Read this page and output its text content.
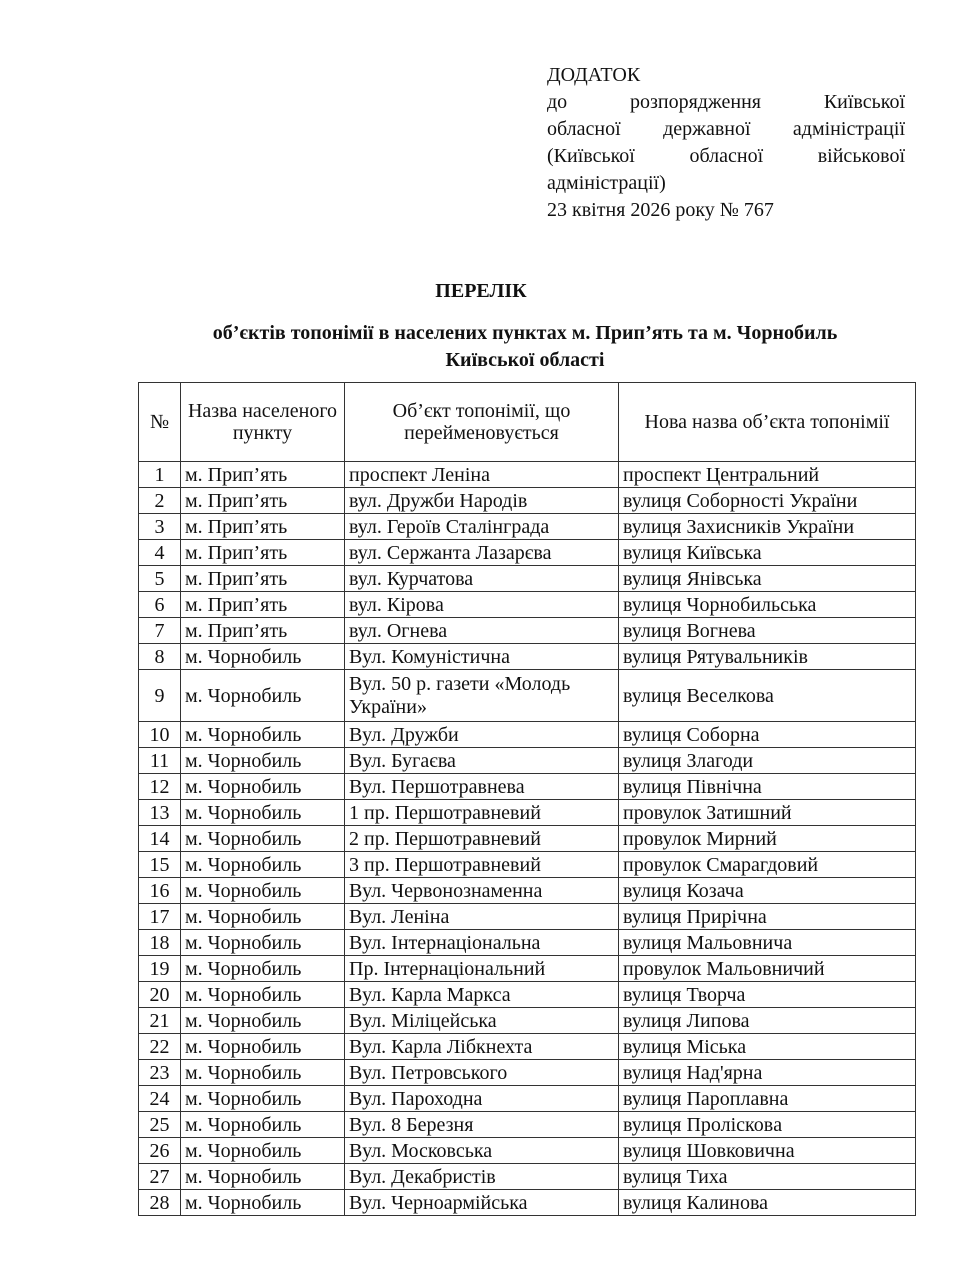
ДОДАТОК
до розпорядження Київської
обласної державної адміністрації
(Київської обласної військової
адміністрації)
23 квітня 2026 року № 767
ПЕРЕЛІК
об’єктів топонімії в населених пунктах м. Прип’ять та м. Чорнобиль
Київської області
№	Назва населеного пункту	Об’єкт топонімії, що перейменовується	Нова назва об’єкта топонімії
1	м. Прип’ять	проспект Леніна	проспект Центральний
2	м. Прип’ять	вул. Дружби Народів	вулиця Соборності України
3	м. Прип’ять	вул. Героїв Сталінграда	вулиця Захисників України
4	м. Прип’ять	вул. Сержанта Лазарєва	вулиця Київська
5	м. Прип’ять	вул. Курчатова	вулиця Янівська
6	м. Прип’ять	вул. Кірова	вулиця Чорнобильська
7	м. Прип’ять	вул. Огнева	вулиця Вогнева
8	м. Чорнобиль	Вул. Комуністична	вулиця Рятувальників
9	м. Чорнобиль	Вул. 50 р. газети «Молодь України»	вулиця Веселкова
10	м. Чорнобиль	Вул. Дружби	вулиця Соборна
11	м. Чорнобиль	Вул. Бугаєва	вулиця Злагоди
12	м. Чорнобиль	Вул. Першотравнева	вулиця Північна
13	м. Чорнобиль	1 пр. Першотравневий	провулок Затишний
14	м. Чорнобиль	2 пр. Першотравневий	провулок Мирний
15	м. Чорнобиль	3 пр. Першотравневий	провулок Смарагдовий
16	м. Чорнобиль	Вул. Червонознаменна	вулиця Козача
17	м. Чорнобиль	Вул. Леніна	вулиця Прирічна
18	м. Чорнобиль	Вул. Інтернаціональна	вулиця Мальовнича
19	м. Чорнобиль	Пр. Інтернаціональний	провулок Мальовничий
20	м. Чорнобиль	Вул. Карла Маркса	вулиця Творча
21	м. Чорнобиль	Вул. Міліцейська	вулиця Липова
22	м. Чорнобиль	Вул. Карла Лібкнехта	вулиця Міська
23	м. Чорнобиль	Вул. Петровського	вулиця Над'ярна
24	м. Чорнобиль	Вул. Пароходна	вулиця Пароплавна
25	м. Чорнобиль	Вул. 8 Березня	вулиця Пролісковa
26	м. Чорнобиль	Вул. Московська	вулиця Шовковична
27	м. Чорнобиль	Вул. Декабристів	вулиця Тиха
28	м. Чорнобиль	Вул. Черноармійська	вулиця Калинова
